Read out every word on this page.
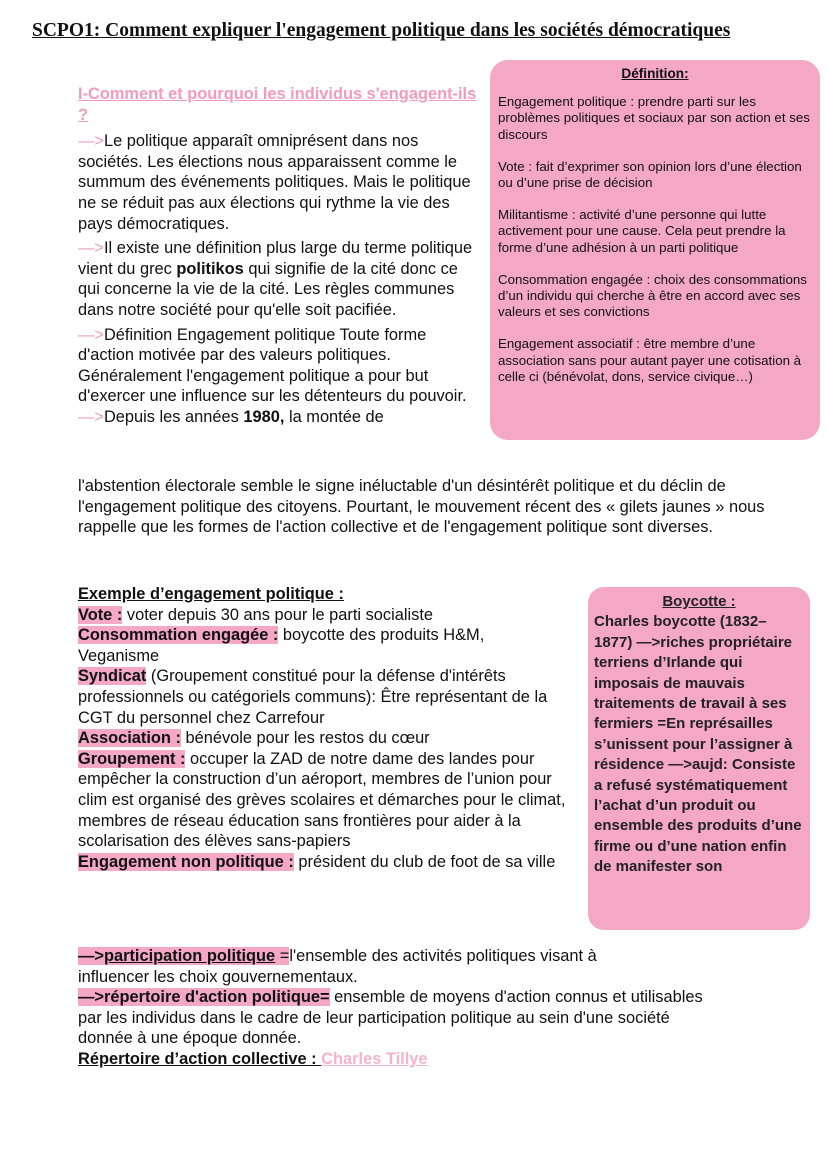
SCPO1: Comment expliquer l'engagement politique dans les sociétés démocratiques

I-Comment et pourquoi les individus s'engagent-ils ?

—>Le politique apparaît omniprésent dans nos sociétés. Les élections nous apparaissent comme le summum des événements politiques. Mais le politique ne se réduit pas aux élections qui rythme la vie des pays démocratiques.

—>Il existe une définition plus large du terme politique vient du grec politikos qui signifie de la cité donc ce qui concerne la vie de la cité. Les règles communes dans notre société pour qu'elle soit pacifiée.

—>Définition Engagement politique Toute forme d'action motivée par des valeurs politiques. Généralement l'engagement politique a pour but d'exercer une influence sur les détenteurs du pouvoir.

—>Depuis les années 1980, la montée de

l'abstention électorale semble le signe inéluctable d'un désintérêt politique et du déclin de l'engagement politique des citoyens. Pourtant, le mouvement récent des « gilets jaunes » nous rappelle que les formes de l'action collective et de l'engagement politique sont diverses.
Définition:

Engagement politique : prendre parti sur les problèmes politiques et sociaux par son action et ses discours

Vote : fait d’exprimer son opinion lors d’une élection ou d’une prise de décision

Militantisme : activité d’une personne qui lutte activement pour une cause. Cela peut prendre la forme d’une adhésion à un parti politique

Consommation engagée : choix des consommations d’un individu qui cherche à être en accord avec ses valeurs et ses convictions

Engagement associatif : être membre d’une association sans pour autant payer une cotisation à celle ci (bénévolat, dons, service civique…)

Exemple d’engagement politique :
Vote : voter depuis 30 ans pour le parti socialiste
Consommation engagée : boycotte des produits H&M, Veganisme
Syndicat (Groupement constitué pour la défense d'intérêts professionnels ou catégoriels communs): Être représentant de la CGT du personnel chez Carrefour
Association : bénévole pour les restos du cœur
Groupement : occuper la ZAD de notre dame des landes pour empêcher la construction d’un aéroport, membres de l’union pour clim est organisé des grèves scolaires et démarches pour le climat, membres de réseau éducation sans frontières pour aider à la scolarisation des élèves sans-papiers
Engagement non politique : président du club de foot de sa ville
Boycotte :
Charles boycotte (1832–1877) —>riches propriétaire terriens d’Irlande qui imposais de mauvais traitements de travail à ses fermiers =En représailles s’unissent pour l’assigner à résidence —>aujd: Consiste a refusé systématiquement l’achat d’un produit ou ensemble des produits d’une firme ou d’une nation enfin de manifester son
—>participation politique =l'ensemble des activités politiques visant à influencer les choix gouvernementaux.
—>répertoire d'action politique= ensemble de moyens d'action connus et utilisables par les individus dans le cadre de leur participation politique au sein d'une société donnée à une époque donnée.
Répertoire d’action collective : Charles Tillye
